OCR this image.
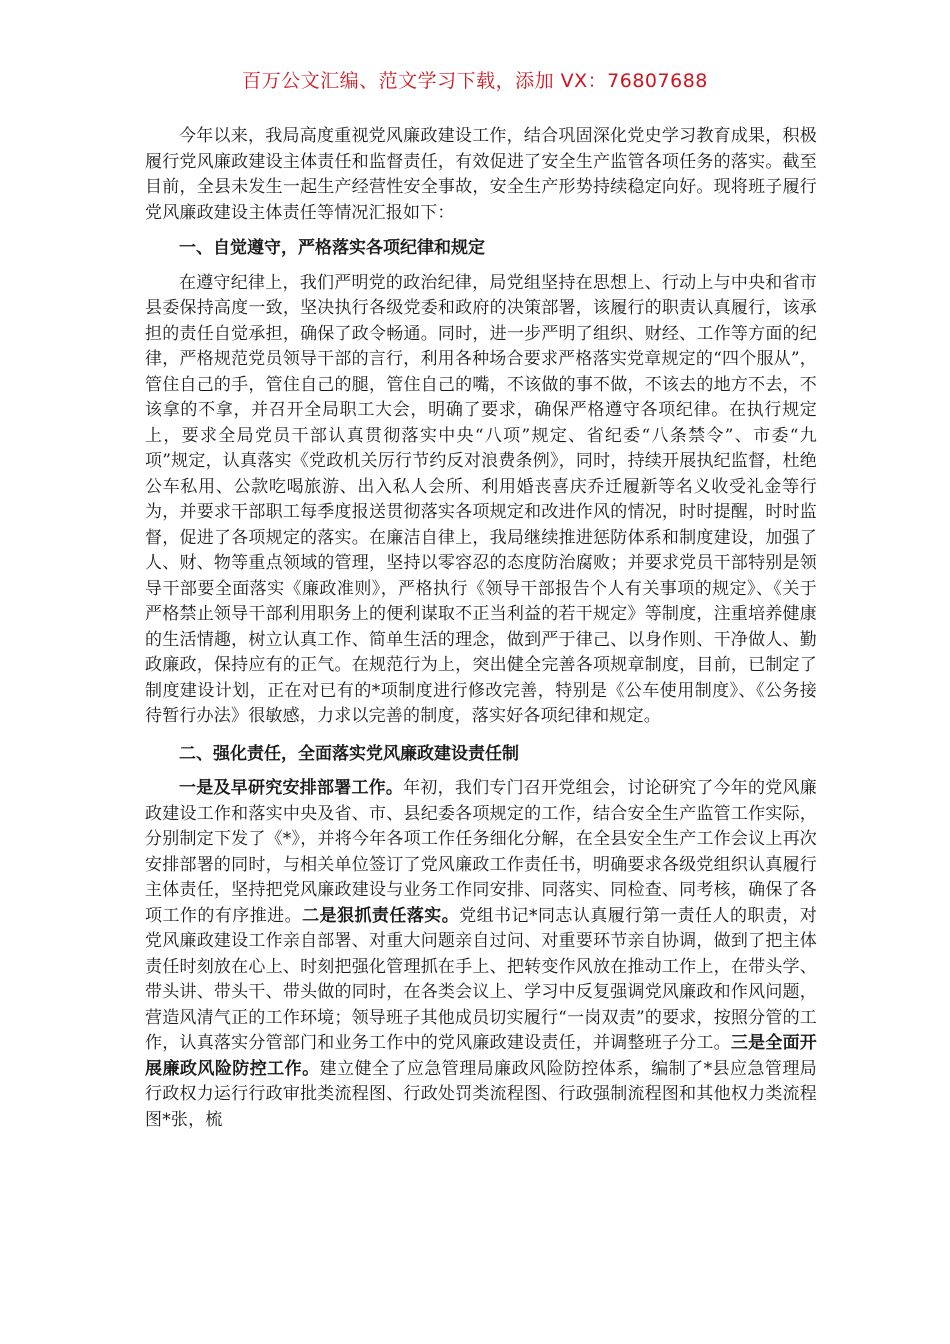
百万公文汇编、范文学习下载，添加 VX：76807688

今年以来，我局高度重视党风廉政建设工作，结合巩固深化党史学习教育成果，积极履行党风廉政建设主体责任和监督责任，有效促进了安全生产监管各项任务的落实。截至目前，全县未发生一起生产经营性安全事故，安全生产形势持续稳定向好。现将班子履行党风廉政建设主体责任等情况汇报如下：

一、自觉遵守，严格落实各项纪律和规定

在遵守纪律上，我们严明党的政治纪律，局党组坚持在思想上、行动上与中央和省市县委保持高度一致，坚决执行各级党委和政府的决策部署，该履行的职责认真履行，该承担的责任自觉承担，确保了政令畅通。同时，进一步严明了组织、财经、工作等方面的纪律，严格规范党员领导干部的言行，利用各种场合要求严格落实党章规定的“四个服从”，管住自己的手，管住自己的腿，管住自己的嘴，不该做的事不做，不该去的地方不去，不该拿的不拿，并召开全局职工大会，明确了要求，确保严格遵守各项纪律。在执行规定上，要求全局党员干部认真贯彻落实中央“八项”规定、省纪委“八条禁令”、市委“九项”规定，认真落实《党政机关厉行节约反对浪费条例》，同时，持续开展执纪监督，杜绝公车私用、公款吃喝旅游、出入私人会所、利用婚丧喜庆乔迁履新等名义收受礼金等行为，并要求干部职工每季度报送贯彻落实各项规定和改进作风的情况，时时提醒，时时监督，促进了各项规定的落实。在廉洁自律上，我局继续推进惩防体系和制度建设，加强了人、财、物等重点领域的管理，坚持以零容忍的态度防治腐败；并要求党员干部特别是领导干部要全面落实《廉政准则》，严格执行《领导干部报告个人有关事项的规定》、《关于严格禁止领导干部利用职务上的便利谋取不正当利益的若干规定》等制度，注重培养健康的生活情趣，树立认真工作、简单生活的理念，做到严于律己、以身作则、干净做人、勤政廉政，保持应有的正气。在规范行为上，突出健全完善各项规章制度，目前，已制定了制度建设计划，正在对已有的*项制度进行修改完善，特别是《公车使用制度》、《公务接待暂行办法》很敏感，力求以完善的制度，落实好各项纪律和规定。

二、强化责任，全面落实党风廉政建设责任制

一是及早研究安排部署工作。年初，我们专门召开党组会，讨论研究了今年的党风廉政建设工作和落实中央及省、市、县纪委各项规定的工作，结合安全生产监管工作实际，分别制定下发了《*》，并将今年各项工作任务细化分解，在全县安全生产工作会议上再次安排部署的同时，与相关单位签订了党风廉政工作责任书，明确要求各级党组织认真履行主体责任，坚持把党风廉政建设与业务工作同安排、同落实、同检查、同考核，确保了各项工作的有序推进。二是狠抓责任落实。党组书记*同志认真履行第一责任人的职责，对党风廉政建设工作亲自部署、对重大问题亲自过问、对重要环节亲自协调，做到了把主体责任时刻放在心上、时刻把强化管理抓在手上、把转变作风放在推动工作上，在带头学、带头讲、带头干、带头做的同时，在各类会议上、学习中反复强调党风廉政和作风问题，营造风清气正的工作环境；领导班子其他成员切实履行“一岗双责”的要求，按照分管的工作，认真落实分管部门和业务工作中的党风廉政建设责任，并调整班子分工。三是全面开展廉政风险防控工作。建立健全了应急管理局廉政风险防控体系，编制了*县应急管理局行政权力运行行政审批类流程图、行政处罚类流程图、行政强制流程图和其他权力类流程图*张，梳
